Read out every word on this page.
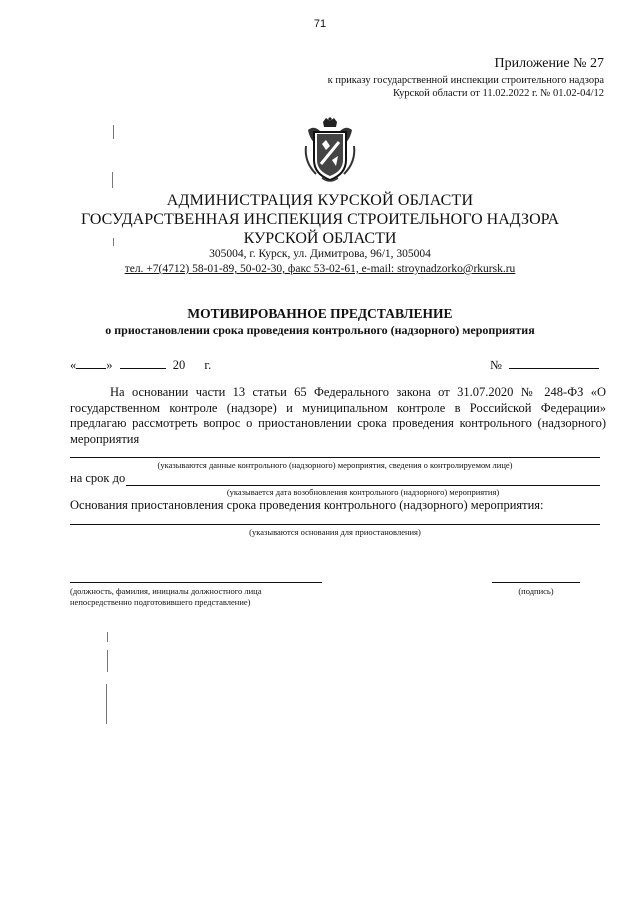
71
Приложение № 27
к приказу государственной инспекции строительного надзора
Курской области от 11.02.2022 г. № 01.02-04/12
АДМИНИСТРАЦИЯ КУРСКОЙ ОБЛАСТИ
ГОСУДАРСТВЕННАЯ ИНСПЕКЦИЯ СТРОИТЕЛЬНОГО НАДЗОРА
КУРСКОЙ ОБЛАСТИ
305004, г. Курск, ул. Димитрова, 96/1, 305004
тел. +7(4712) 58-01-89, 50-02-30, факс 53-02-61, e-mail: stroynadzorko@rkursk.ru
МОТИВИРОВАННОЕ ПРЕДСТАВЛЕНИЕ
о приостановлении срока проведения контрольного (надзорного) мероприятия
« »	20 г.	№
На основании части 13 статьи 65 Федерального закона от 31.07.2020 № 248-ФЗ «О государственном контроле (надзоре) и муниципальном контроле в Российской Федерации» предлагаю рассмотреть вопрос о приостановлении срока проведения контрольного (надзорного) мероприятия
(указываются данные контрольного (надзорного) мероприятия, сведения о контролируемом лице)
на срок до
(указывается дата возобновления контрольного (надзорного) мероприятия)
Основания приостановления срока проведения контрольного (надзорного) мероприятия:
(указываются основания для приостановления)
(должность, фамилия, инициалы должностного лица
непосредственно подготовившего представление)
(подпись)
